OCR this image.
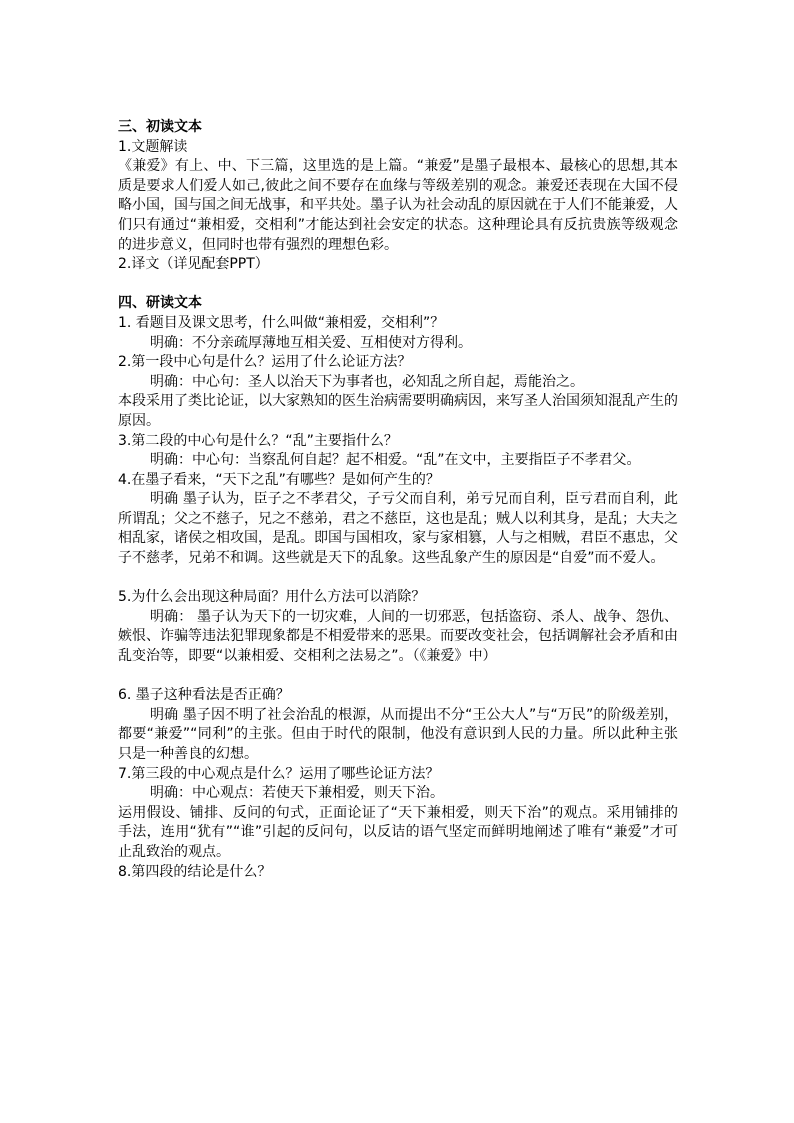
三、初读文本

1.文题解读

《兼爱》有上、中、下三篇，这里选的是上篇。“兼爱”是墨子最根本、最核心的思想,其本质是要求人们爱人如己,彼此之间不要存在血缘与等级差别的观念。兼爱还表现在大国不侵略小国，国与国之间无战事，和平共处。墨子认为社会动乱的原因就在于人们不能兼爱，人们只有通过“兼相爱，交相利”才能达到社会安定的状态。这种理论具有反抗贵族等级观念的进步意义，但同时也带有强烈的理想色彩。

2.译文（详见配套PPT）

四、研读文本

1. 看题目及课文思考，什么叫做“兼相爱，交相利”？

明确：不分亲疏厚薄地互相关爱、互相使对方得利。

2.第一段中心句是什么？运用了什么论证方法？

明确：中心句：圣人以治天下为事者也，必知乱之所自起，焉能治之。

本段采用了类比论证，以大家熟知的医生治病需要明确病因，来写圣人治国须知混乱产生的原因。

3.第二段的中心句是什么？“乱”主要指什么？

明确：中心句：当察乱何自起？起不相爱。“乱”在文中，主要指臣子不孝君父。

4.在墨子看来，“天下之乱”有哪些？是如何产生的？

明确 墨子认为，臣子之不孝君父，子亏父而自利，弟亏兄而自利，臣亏君而自利，此所谓乱；父之不慈子，兄之不慈弟，君之不慈臣，这也是乱；贼人以利其身，是乱；大夫之相乱家，诸侯之相攻国，是乱。即国与国相攻，家与家相篡，人与之相贼，君臣不惠忠，父子不慈孝，兄弟不和调。这些就是天下的乱象。这些乱象产生的原因是“自爱”而不爱人。

5.为什么会出现这种局面？用什么方法可以消除？

明确： 墨子认为天下的一切灾难，人间的一切邪恶，包括盗窃、杀人、战争、怨仇、嫉恨、诈骗等违法犯罪现象都是不相爱带来的恶果。而要改变社会，包括调解社会矛盾和由乱变治等，即要“以兼相爱、交相利之法易之”。（《兼爱》中）

6. 墨子这种看法是否正确？

明确 墨子因不明了社会治乱的根源，从而提出不分“王公大人”与“万民”的阶级差别，都要“兼爱”“同利”的主张。但由于时代的限制，他没有意识到人民的力量。所以此种主张只是一种善良的幻想。

7.第三段的中心观点是什么？运用了哪些论证方法？

明确：中心观点：若使天下兼相爱，则天下治。

运用假设、铺排、反问的句式，正面论证了“天下兼相爱，则天下治”的观点。采用铺排的手法，连用“犹有”“谁”引起的反问句，以反诘的语气坚定而鲜明地阐述了唯有“兼爱”才可止乱致治的观点。

8.第四段的结论是什么？
